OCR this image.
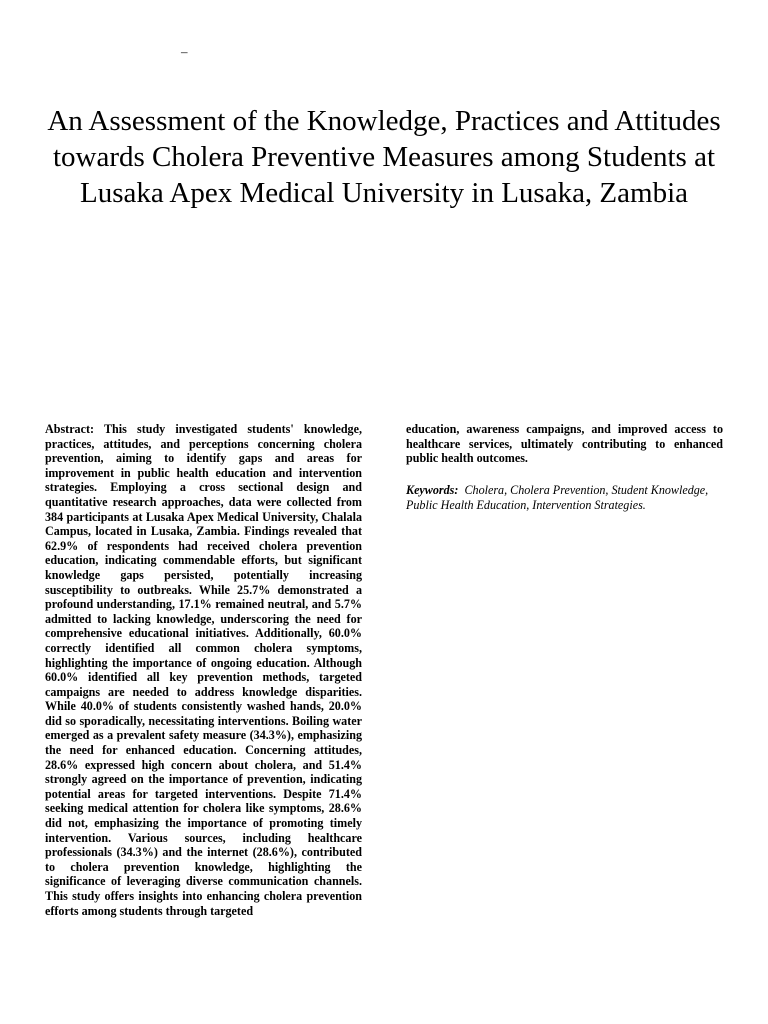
–
An Assessment of the Knowledge, Practices and Attitudes towards Cholera Preventive Measures among Students at Lusaka Apex Medical University in Lusaka, Zambia

Abstract: This study investigated students' knowledge, practices, attitudes, and perceptions concerning cholera prevention, aiming to identify gaps and areas for improvement in public health education and intervention strategies. Employing a cross sectional design and quantitative research approaches, data were collected from 384 participants at Lusaka Apex Medical University, Chalala Campus, located in Lusaka, Zambia. Findings revealed that 62.9% of respondents had received cholera prevention education, indicating commendable efforts, but significant knowledge gaps persisted, potentially increasing susceptibility to outbreaks. While 25.7% demonstrated a profound understanding, 17.1% remained neutral, and 5.7% admitted to lacking knowledge, underscoring the need for comprehensive educational initiatives. Additionally, 60.0% correctly identified all common cholera symptoms, highlighting the importance of ongoing education. Although 60.0% identified all key prevention methods, targeted campaigns are needed to address knowledge disparities. While 40.0% of students consistently washed hands, 20.0% did so sporadically, necessitating interventions. Boiling water emerged as a prevalent safety measure (34.3%), emphasizing the need for enhanced education. Concerning attitudes, 28.6% expressed high concern about cholera, and 51.4% strongly agreed on the importance of prevention, indicating potential areas for targeted interventions. Despite 71.4% seeking medical attention for cholera like symptoms, 28.6% did not, emphasizing the importance of promoting timely intervention. Various sources, including healthcare professionals (34.3%) and the internet (28.6%), contributed to cholera prevention knowledge, highlighting the significance of leveraging diverse communication channels. This study offers insights into enhancing cholera prevention efforts among students through targeted

education, awareness campaigns, and improved access to healthcare services, ultimately contributing to enhanced public health outcomes.

Keywords: Cholera, Cholera Prevention, Student Knowledge, Public Health Education, Intervention Strategies.
